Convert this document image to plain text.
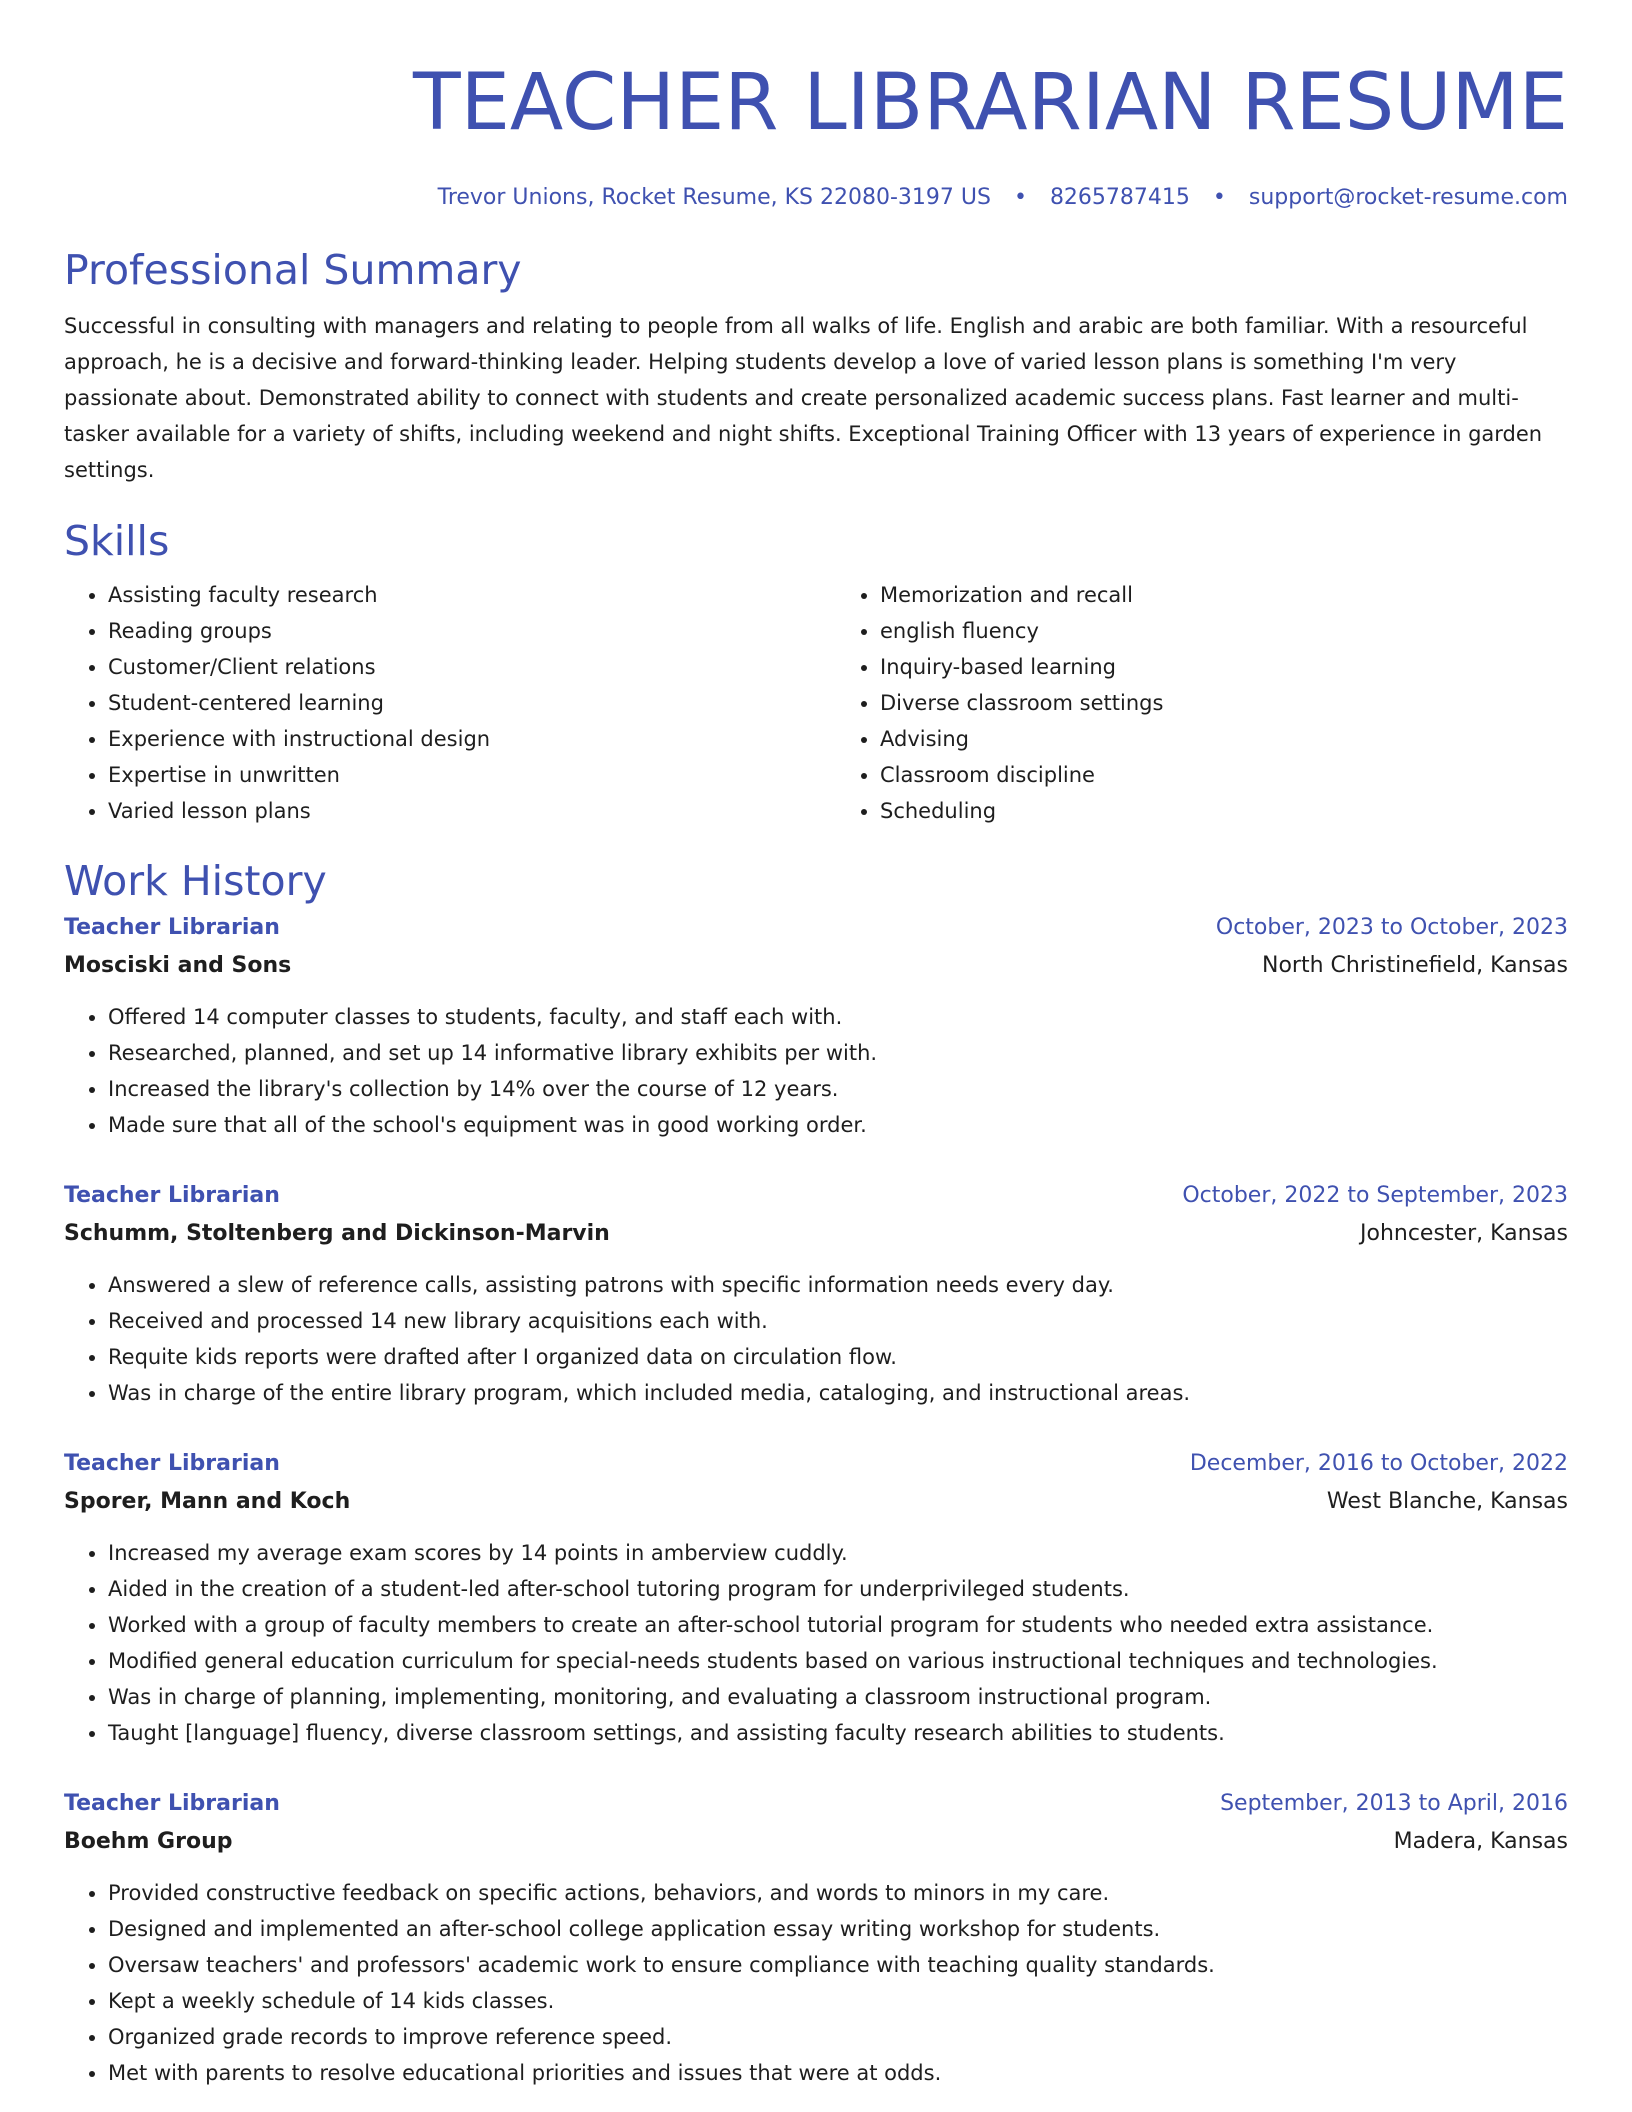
TEACHER LIBRARIAN RESUME
Trevor Unions, Rocket Resume, KS 22080-3197 US • 8265787415 • support@rocket-resume.com
Professional Summary
Successful in consulting with managers and relating to people from all walks of life. English and arabic are both familiar. With a resourceful approach, he is a decisive and forward-thinking leader. Helping students develop a love of varied lesson plans is something I'm very passionate about. Demonstrated ability to connect with students and create personalized academic success plans. Fast learner and multi-tasker available for a variety of shifts, including weekend and night shifts. Exceptional Training Officer with 13 years of experience in garden settings.
Skills
• Assisting faculty research
• Reading groups
• Customer/Client relations
• Student-centered learning
• Experience with instructional design
• Expertise in unwritten
• Varied lesson plans
• Memorization and recall
• english fluency
• Inquiry-based learning
• Diverse classroom settings
• Advising
• Classroom discipline
• Scheduling
Work History
Teacher Librarian	October, 2023 to October, 2023
Mosciski and Sons	North Christinefield, Kansas
• Offered 14 computer classes to students, faculty, and staff each with.
• Researched, planned, and set up 14 informative library exhibits per with.
• Increased the library's collection by 14% over the course of 12 years.
• Made sure that all of the school's equipment was in good working order.
Teacher Librarian	October, 2022 to September, 2023
Schumm, Stoltenberg and Dickinson-Marvin	Johncester, Kansas
• Answered a slew of reference calls, assisting patrons with specific information needs every day.
• Received and processed 14 new library acquisitions each with.
• Requite kids reports were drafted after I organized data on circulation flow.
• Was in charge of the entire library program, which included media, cataloging, and instructional areas.
Teacher Librarian	December, 2016 to October, 2022
Sporer, Mann and Koch	West Blanche, Kansas
• Increased my average exam scores by 14 points in amberview cuddly.
• Aided in the creation of a student-led after-school tutoring program for underprivileged students.
• Worked with a group of faculty members to create an after-school tutorial program for students who needed extra assistance.
• Modified general education curriculum for special-needs students based on various instructional techniques and technologies.
• Was in charge of planning, implementing, monitoring, and evaluating a classroom instructional program.
• Taught [language] fluency, diverse classroom settings, and assisting faculty research abilities to students.
Teacher Librarian	September, 2013 to April, 2016
Boehm Group	Madera, Kansas
• Provided constructive feedback on specific actions, behaviors, and words to minors in my care.
• Designed and implemented an after-school college application essay writing workshop for students.
• Oversaw teachers' and professors' academic work to ensure compliance with teaching quality standards.
• Kept a weekly schedule of 14 kids classes.
• Organized grade records to improve reference speed.
• Met with parents to resolve educational priorities and issues that were at odds.
